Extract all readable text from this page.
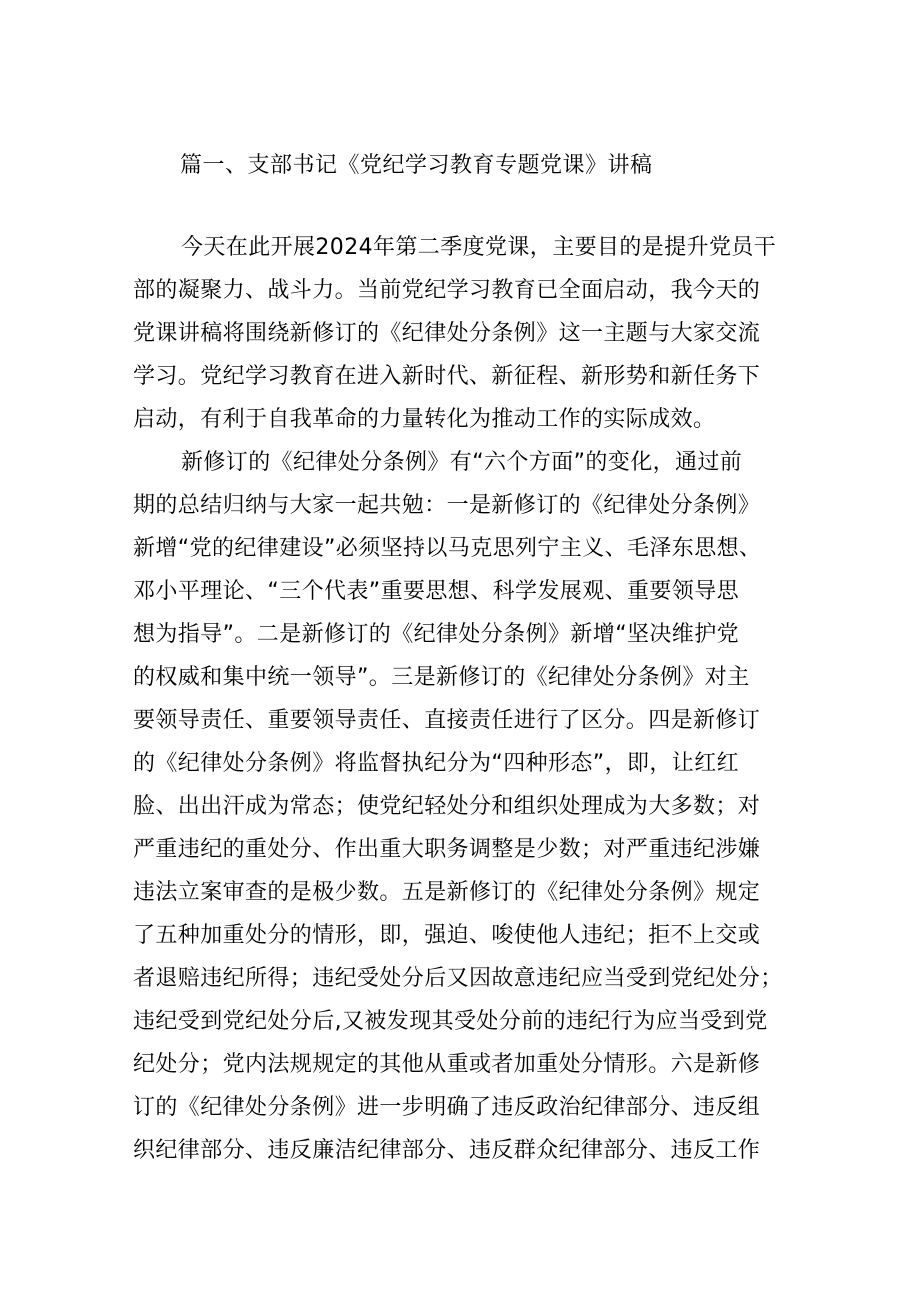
篇一、支部书记《党纪学习教育专题党课》讲稿
今天在此开展2024年第二季度党课，主要目的是提升党员干
部的凝聚力、战斗力。当前党纪学习教育已全面启动，我今天的
党课讲稿将围绕新修订的《纪律处分条例》这一主题与大家交流
学习。党纪学习教育在进入新时代、新征程、新形势和新任务下
启动，有利于自我革命的力量转化为推动工作的实际成效。
新修订的《纪律处分条例》有“六个方面”的变化，通过前
期的总结归纳与大家一起共勉：一是新修订的《纪律处分条例》
新增“党的纪律建设”必须坚持以马克思列宁主义、毛泽东思想、
邓小平理论、“三个代表”重要思想、科学发展观、重要领导思
想为指导”。二是新修订的《纪律处分条例》新增“坚决维护党
的权威和集中统一领导”。三是新修订的《纪律处分条例》对主
要领导责任、重要领导责任、直接责任进行了区分。四是新修订
的《纪律处分条例》将监督执纪分为“四种形态”，即，让红红
脸、出出汗成为常态；使党纪轻处分和组织处理成为大多数；对
严重违纪的重处分、作出重大职务调整是少数；对严重违纪涉嫌
违法立案审查的是极少数。五是新修订的《纪律处分条例》规定
了五种加重处分的情形，即，强迫、唆使他人违纪；拒不上交或
者退赔违纪所得；违纪受处分后又因故意违纪应当受到党纪处分；
违纪受到党纪处分后,又被发现其受处分前的违纪行为应当受到党
纪处分；党内法规规定的其他从重或者加重处分情形。六是新修
订的《纪律处分条例》进一步明确了违反政治纪律部分、违反组
织纪律部分、违反廉洁纪律部分、违反群众纪律部分、违反工作
